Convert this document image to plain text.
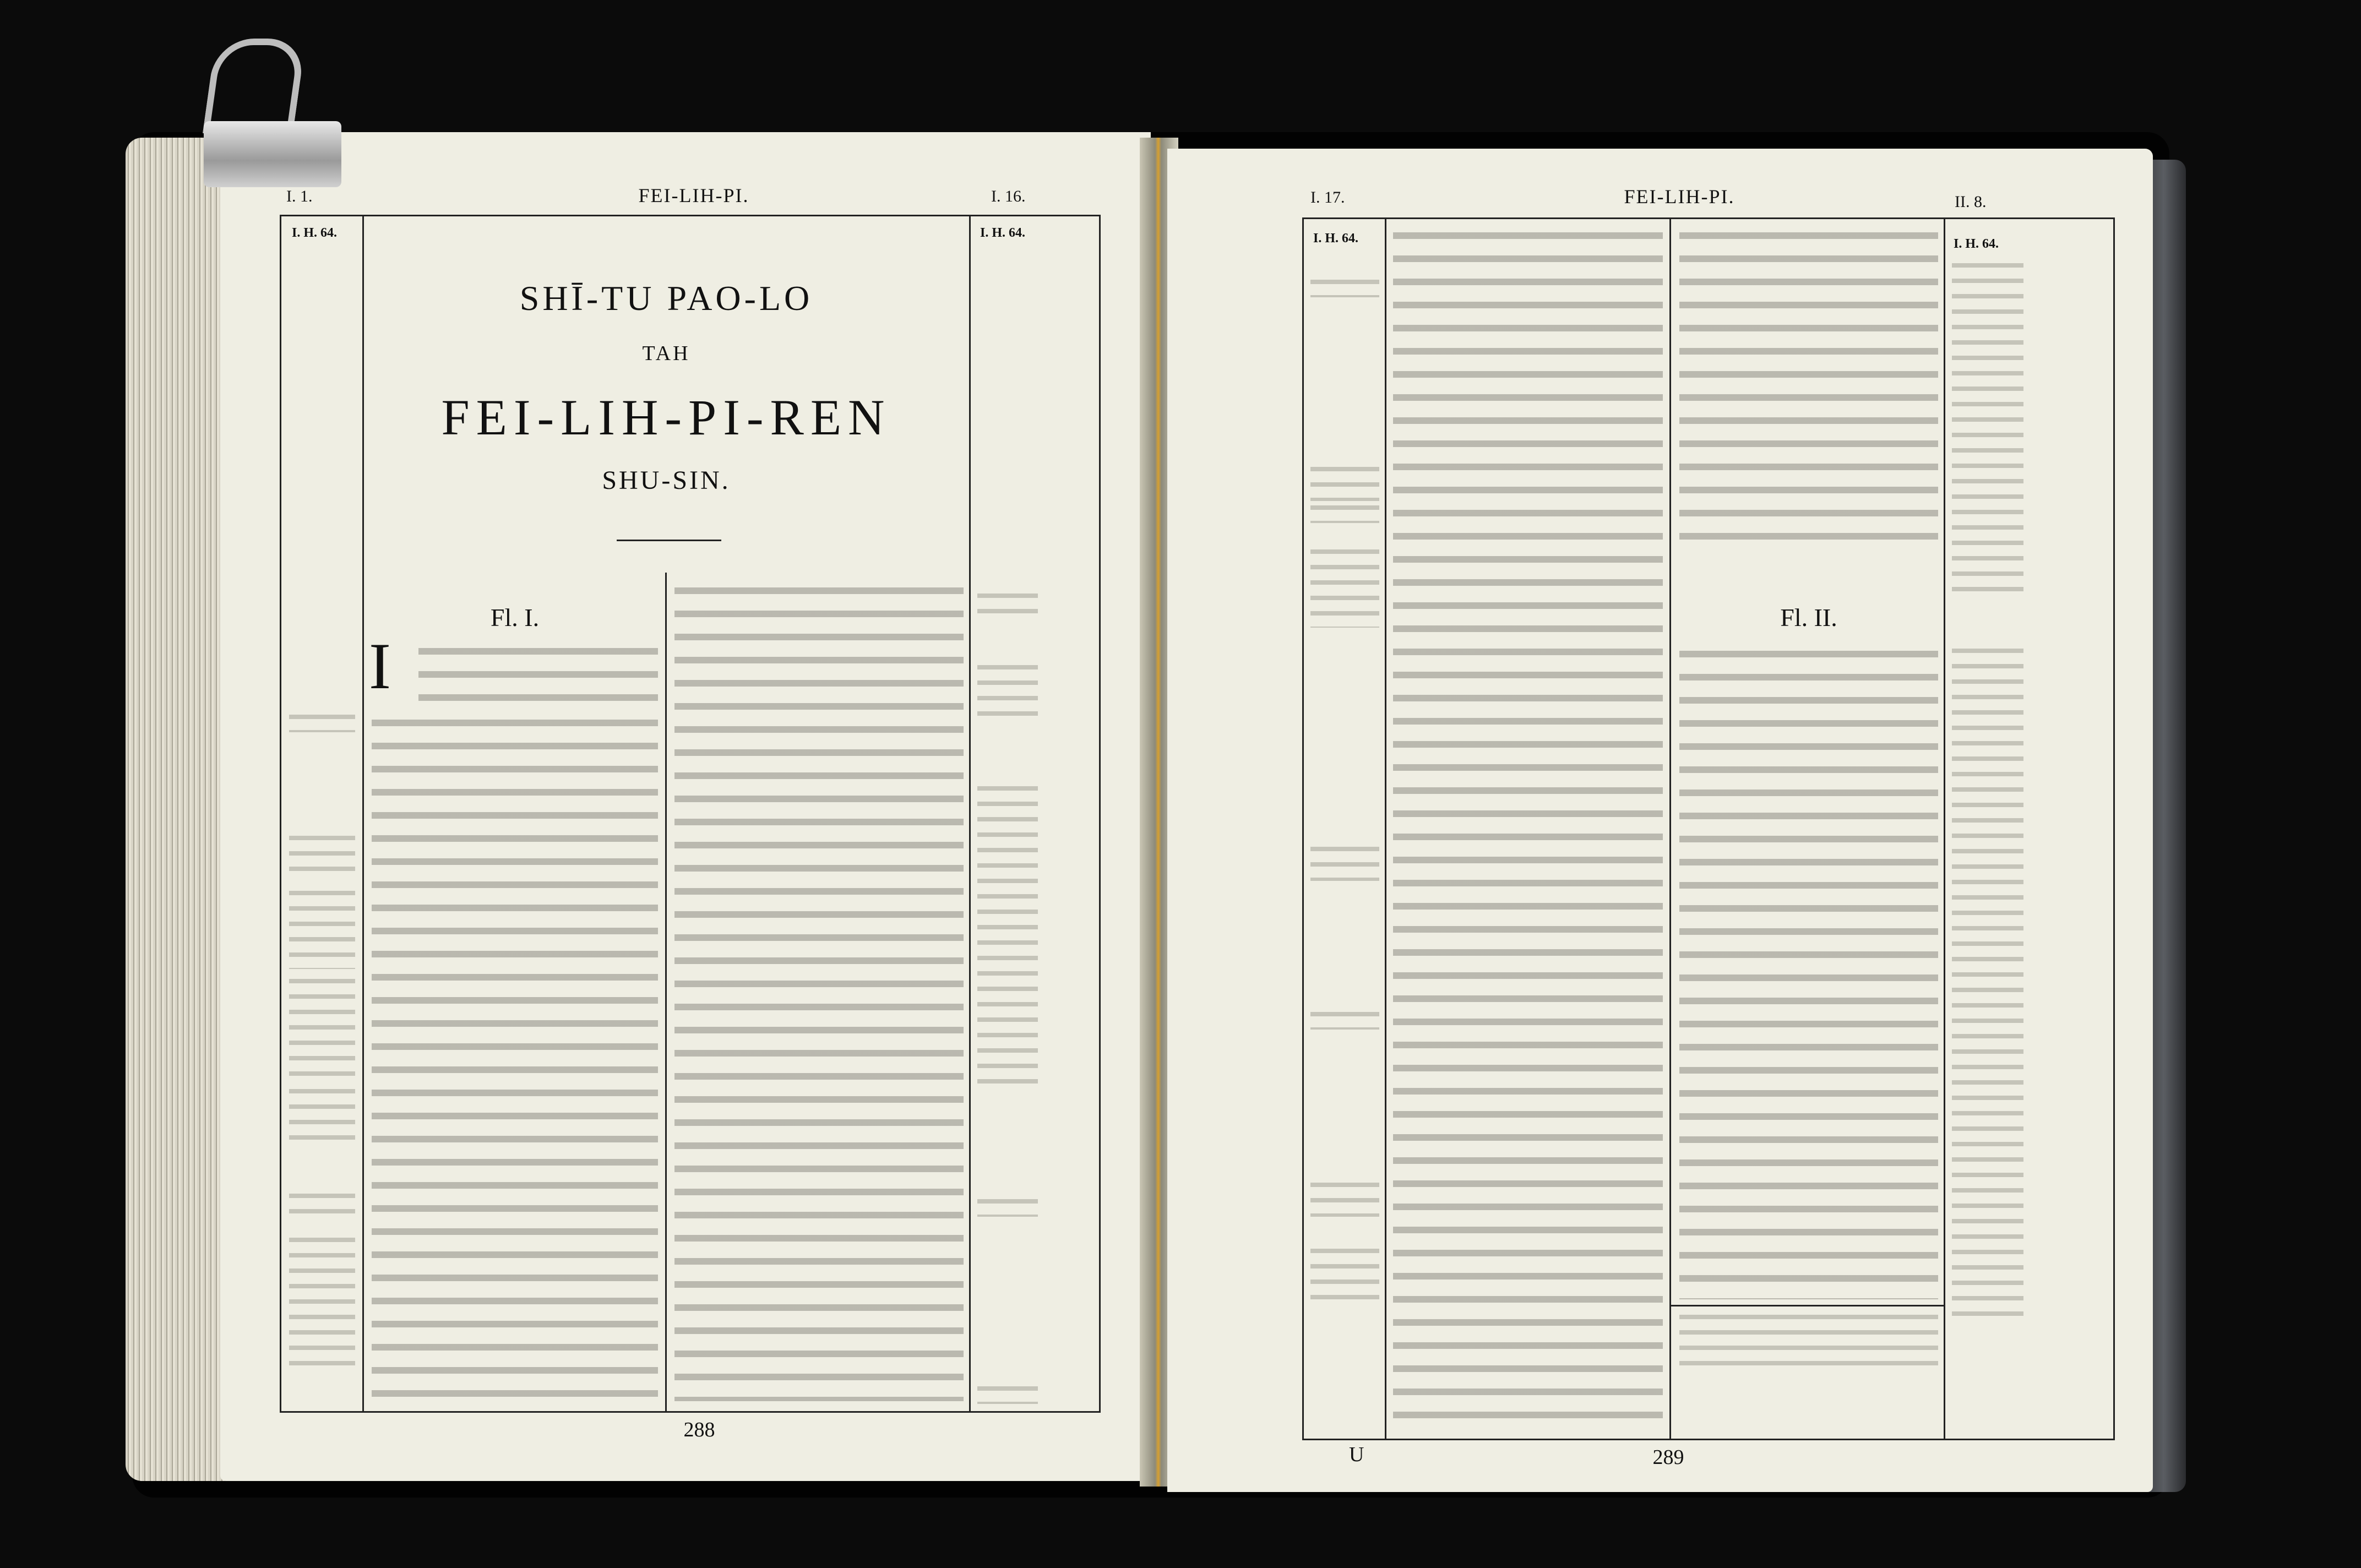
I. 1.	FEI-LIH-PI.	I. 16.
I. H. 64.	I. H. 64.
SHĪ-TU PAO-LO
TAH
FEI-LIH-PI-REN
SHU-SIN.
Fl. I.
I
288
I. 17.	FEI-LIH-PI.	II. 8.
I. H. 64.	I. H. 64.
Fl. II.
U	289
